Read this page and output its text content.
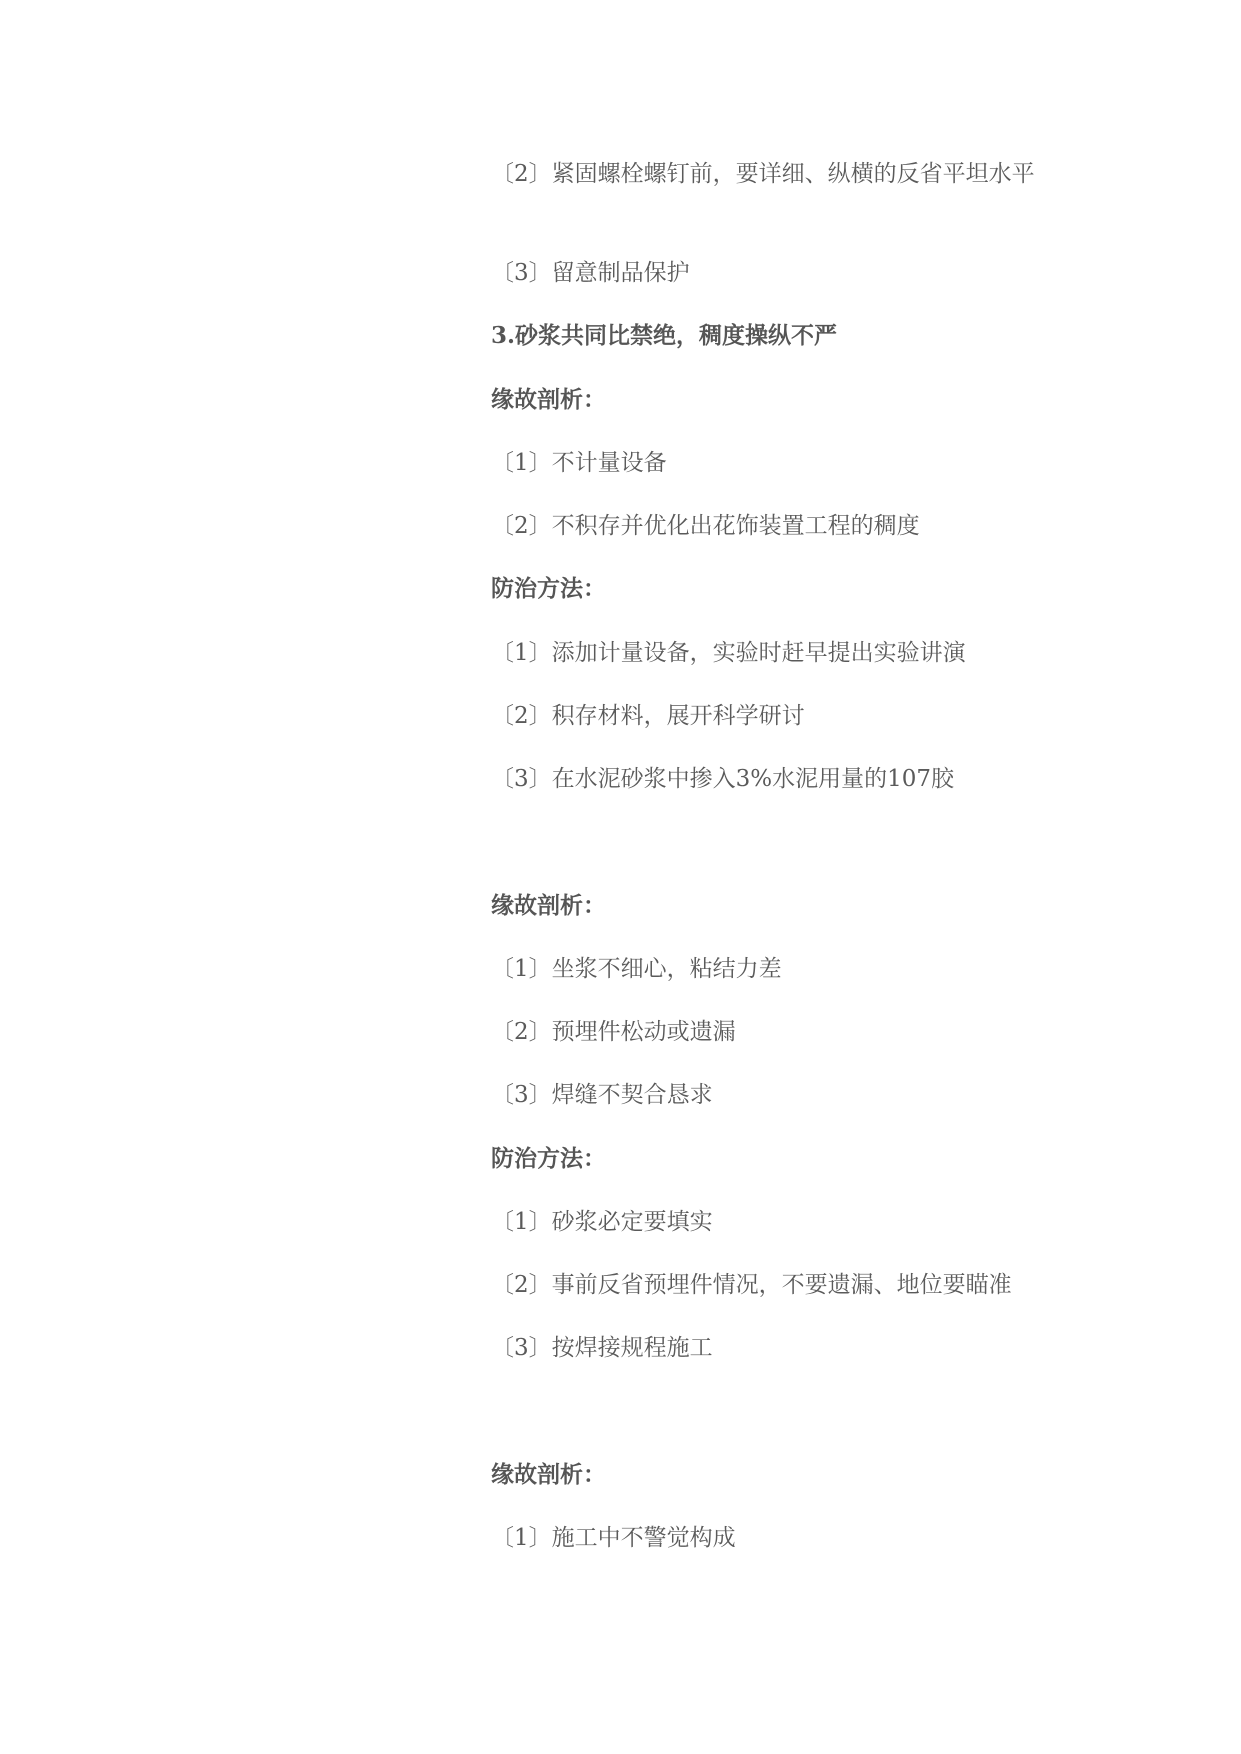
〔2〕紧固螺栓螺钉前，要详细、纵横的反省平坦水平
〔3〕留意制品保护
3.砂浆共同比禁绝，稠度操纵不严
缘故剖析：
〔1〕不计量设备
〔2〕不积存并优化出花饰装置工程的稠度
防治方法：
〔1〕添加计量设备，实验时赶早提出实验讲演
〔2〕积存材料，展开科学研讨
〔3〕在水泥砂浆中掺入3%水泥用量的107胶
缘故剖析：
〔1〕坐浆不细心，粘结力差
〔2〕预埋件松动或遗漏
〔3〕焊缝不契合恳求
防治方法：
〔1〕砂浆必定要填实
〔2〕事前反省预埋件情况，不要遗漏、地位要瞄准
〔3〕按焊接规程施工
缘故剖析：
〔1〕施工中不警觉构成
